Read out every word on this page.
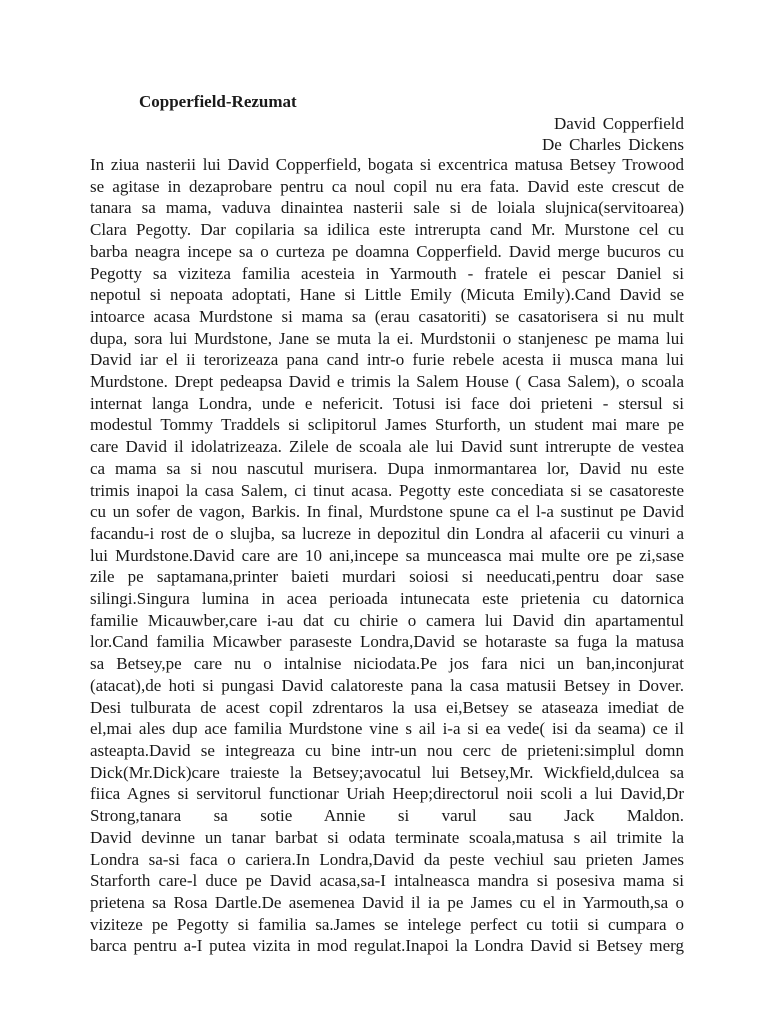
Copperfield-Rezumat
David Copperfield
De Charles Dickens
In ziua nasterii lui David Copperfield, bogata si excentrica matusa Betsey Trowood
se agitase in dezaprobare pentru ca noul copil nu era fata. David este crescut de
tanara sa mama, vaduva dinaintea nasterii sale si de loiala slujnica(servitoarea)
Clara Pegotty. Dar copilaria sa idilica este intrerupta cand Mr. Murstone cel cu
barba neagra incepe sa o curteza pe doamna Copperfield. David merge bucuros cu
Pegotty sa viziteza familia acesteia in Yarmouth - fratele ei pescar Daniel si
nepotul si nepoata adoptati, Hane si Little Emily (Micuta Emily).Cand David se
intoarce acasa Murdstone si mama sa (erau casatoriti) se casatorisera si nu mult
dupa, sora lui Murdstone, Jane se muta la ei. Murdstonii o stanjenesc pe mama lui
David iar el ii terorizeaza pana cand intr-o furie rebele acesta ii musca mana lui
Murdstone. Drept pedeapsa David e trimis la Salem House ( Casa Salem), o scoala
internat langa Londra, unde e nefericit. Totusi isi face doi prieteni - stersul si
modestul Tommy Traddels si sclipitorul James Sturforth, un student mai mare pe
care David il idolatrizeaza. Zilele de scoala ale lui David sunt intrerupte de vestea
ca mama sa si nou nascutul murisera. Dupa inmormantarea lor, David nu este
trimis inapoi la casa Salem, ci tinut acasa. Pegotty este concediata si se casatoreste
cu un sofer de vagon, Barkis. In final, Murdstone spune ca el l-a sustinut pe David
facandu-i rost de o slujba, sa lucreze in depozitul din Londra al afacerii cu vinuri a
lui Murdstone.David care are 10 ani,incepe sa munceasca mai multe ore pe zi,sase
zile pe saptamana,printer baieti murdari soiosi si needucati,pentru doar sase
silingi.Singura lumina in acea perioada intunecata este prietenia cu datornica
familie Micauwber,care i-au dat cu chirie o camera lui David din apartamentul
lor.Cand familia Micawber paraseste Londra,David se hotaraste sa fuga la matusa
sa Betsey,pe care nu o intalnise niciodata.Pe jos fara nici un ban,inconjurat
(atacat),de hoti si pungasi David calatoreste pana la casa matusii Betsey in Dover.
Desi tulburata de acest copil zdrentaros la usa ei,Betsey se ataseaza imediat de
el,mai ales dup ace familia Murdstone vine s ail i-a si ea vede( isi da seama) ce il
asteapta.David se integreaza cu bine intr-un nou cerc de prieteni:simplul domn
Dick(Mr.Dick)care traieste la Betsey;avocatul lui Betsey,Mr. Wickfield,dulcea sa
fiica Agnes si servitorul functionar Uriah Heep;directorul noii scoli a lui David,Dr
Strong,tanara sa sotie Annie si varul sau Jack Maldon.
David devinne un tanar barbat si odata terminate scoala,matusa s ail trimite la
Londra sa-si faca o cariera.In Londra,David da peste vechiul sau prieten James
Starforth care-l duce pe David acasa,sa-I intalneasca mandra si posesiva mama si
prietena sa Rosa Dartle.De asemenea David il ia pe James cu el in Yarmouth,sa o
viziteze pe Pegotty si familia sa.James se intelege perfect cu totii si cumpara o
barca pentru a-I putea vizita in mod regulat.Inapoi la Londra David si Betsey merg
